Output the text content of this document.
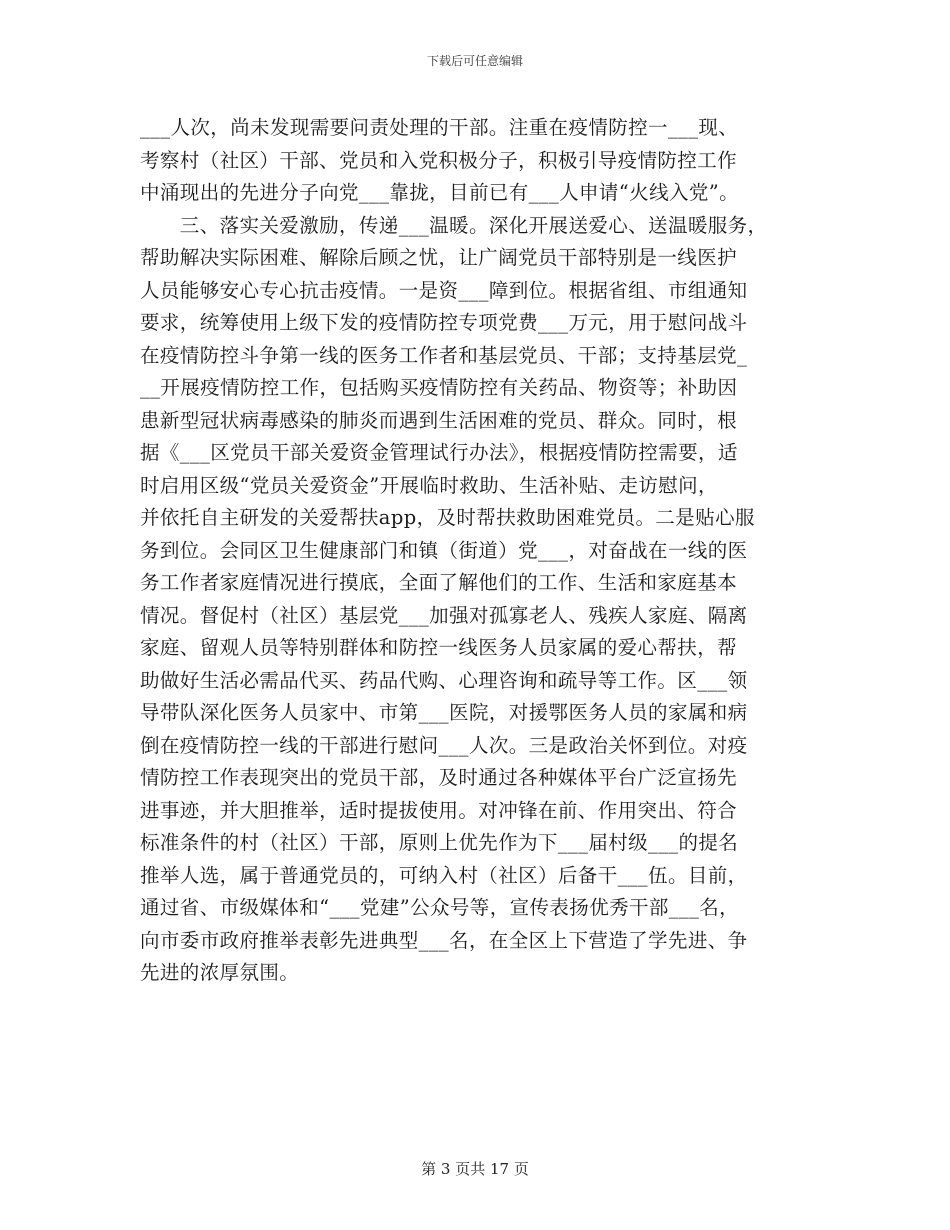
下载后可任意编辑
___人次，尚未发现需要问责处理的干部。注重在疫情防控一___现、
考察村（社区）干部、党员和入党积极分子，积极引导疫情防控工作
中涌现出的先进分子向党___靠拢，目前已有___人申请“火线入党”。
　　三、落实关爱激励，传递___温暖。深化开展送爱心、送温暖服务，
帮助解决实际困难、解除后顾之忧，让广阔党员干部特别是一线医护
人员能够安心专心抗击疫情。一是资___障到位。根据省组、市组通知
要求，统筹使用上级下发的疫情防控专项党费___万元，用于慰问战斗
在疫情防控斗争第一线的医务工作者和基层党员、干部；支持基层党_
__开展疫情防控工作，包括购买疫情防控有关药品、物资等；补助因
患新型冠状病毒感染的肺炎而遇到生活困难的党员、群众。同时，根
据《___区党员干部关爱资金管理试行办法》，根据疫情防控需要，适
时启用区级“党员关爱资金”开展临时救助、生活补贴、走访慰问，
并依托自主研发的关爱帮扶app，及时帮扶救助困难党员。二是贴心服
务到位。会同区卫生健康部门和镇（街道）党___，对奋战在一线的医
务工作者家庭情况进行摸底，全面了解他们的工作、生活和家庭基本
情况。督促村（社区）基层党___加强对孤寡老人、残疾人家庭、隔离
家庭、留观人员等特别群体和防控一线医务人员家属的爱心帮扶，帮
助做好生活必需品代买、药品代购、心理咨询和疏导等工作。区___领
导带队深化医务人员家中、市第___医院，对援鄂医务人员的家属和病
倒在疫情防控一线的干部进行慰问___人次。三是政治关怀到位。对疫
情防控工作表现突出的党员干部，及时通过各种媒体平台广泛宣扬先
进事迹，并大胆推举，适时提拔使用。对冲锋在前、作用突出、符合
标准条件的村（社区）干部，原则上优先作为下___届村级___的提名
推举人选，属于普通党员的，可纳入村（社区）后备干___伍。目前，
通过省、市级媒体和“___党建”公众号等，宣传表扬优秀干部___名，
向市委市政府推举表彰先进典型___名，在全区上下营造了学先进、争
先进的浓厚氛围。
第 3 页共 17 页
